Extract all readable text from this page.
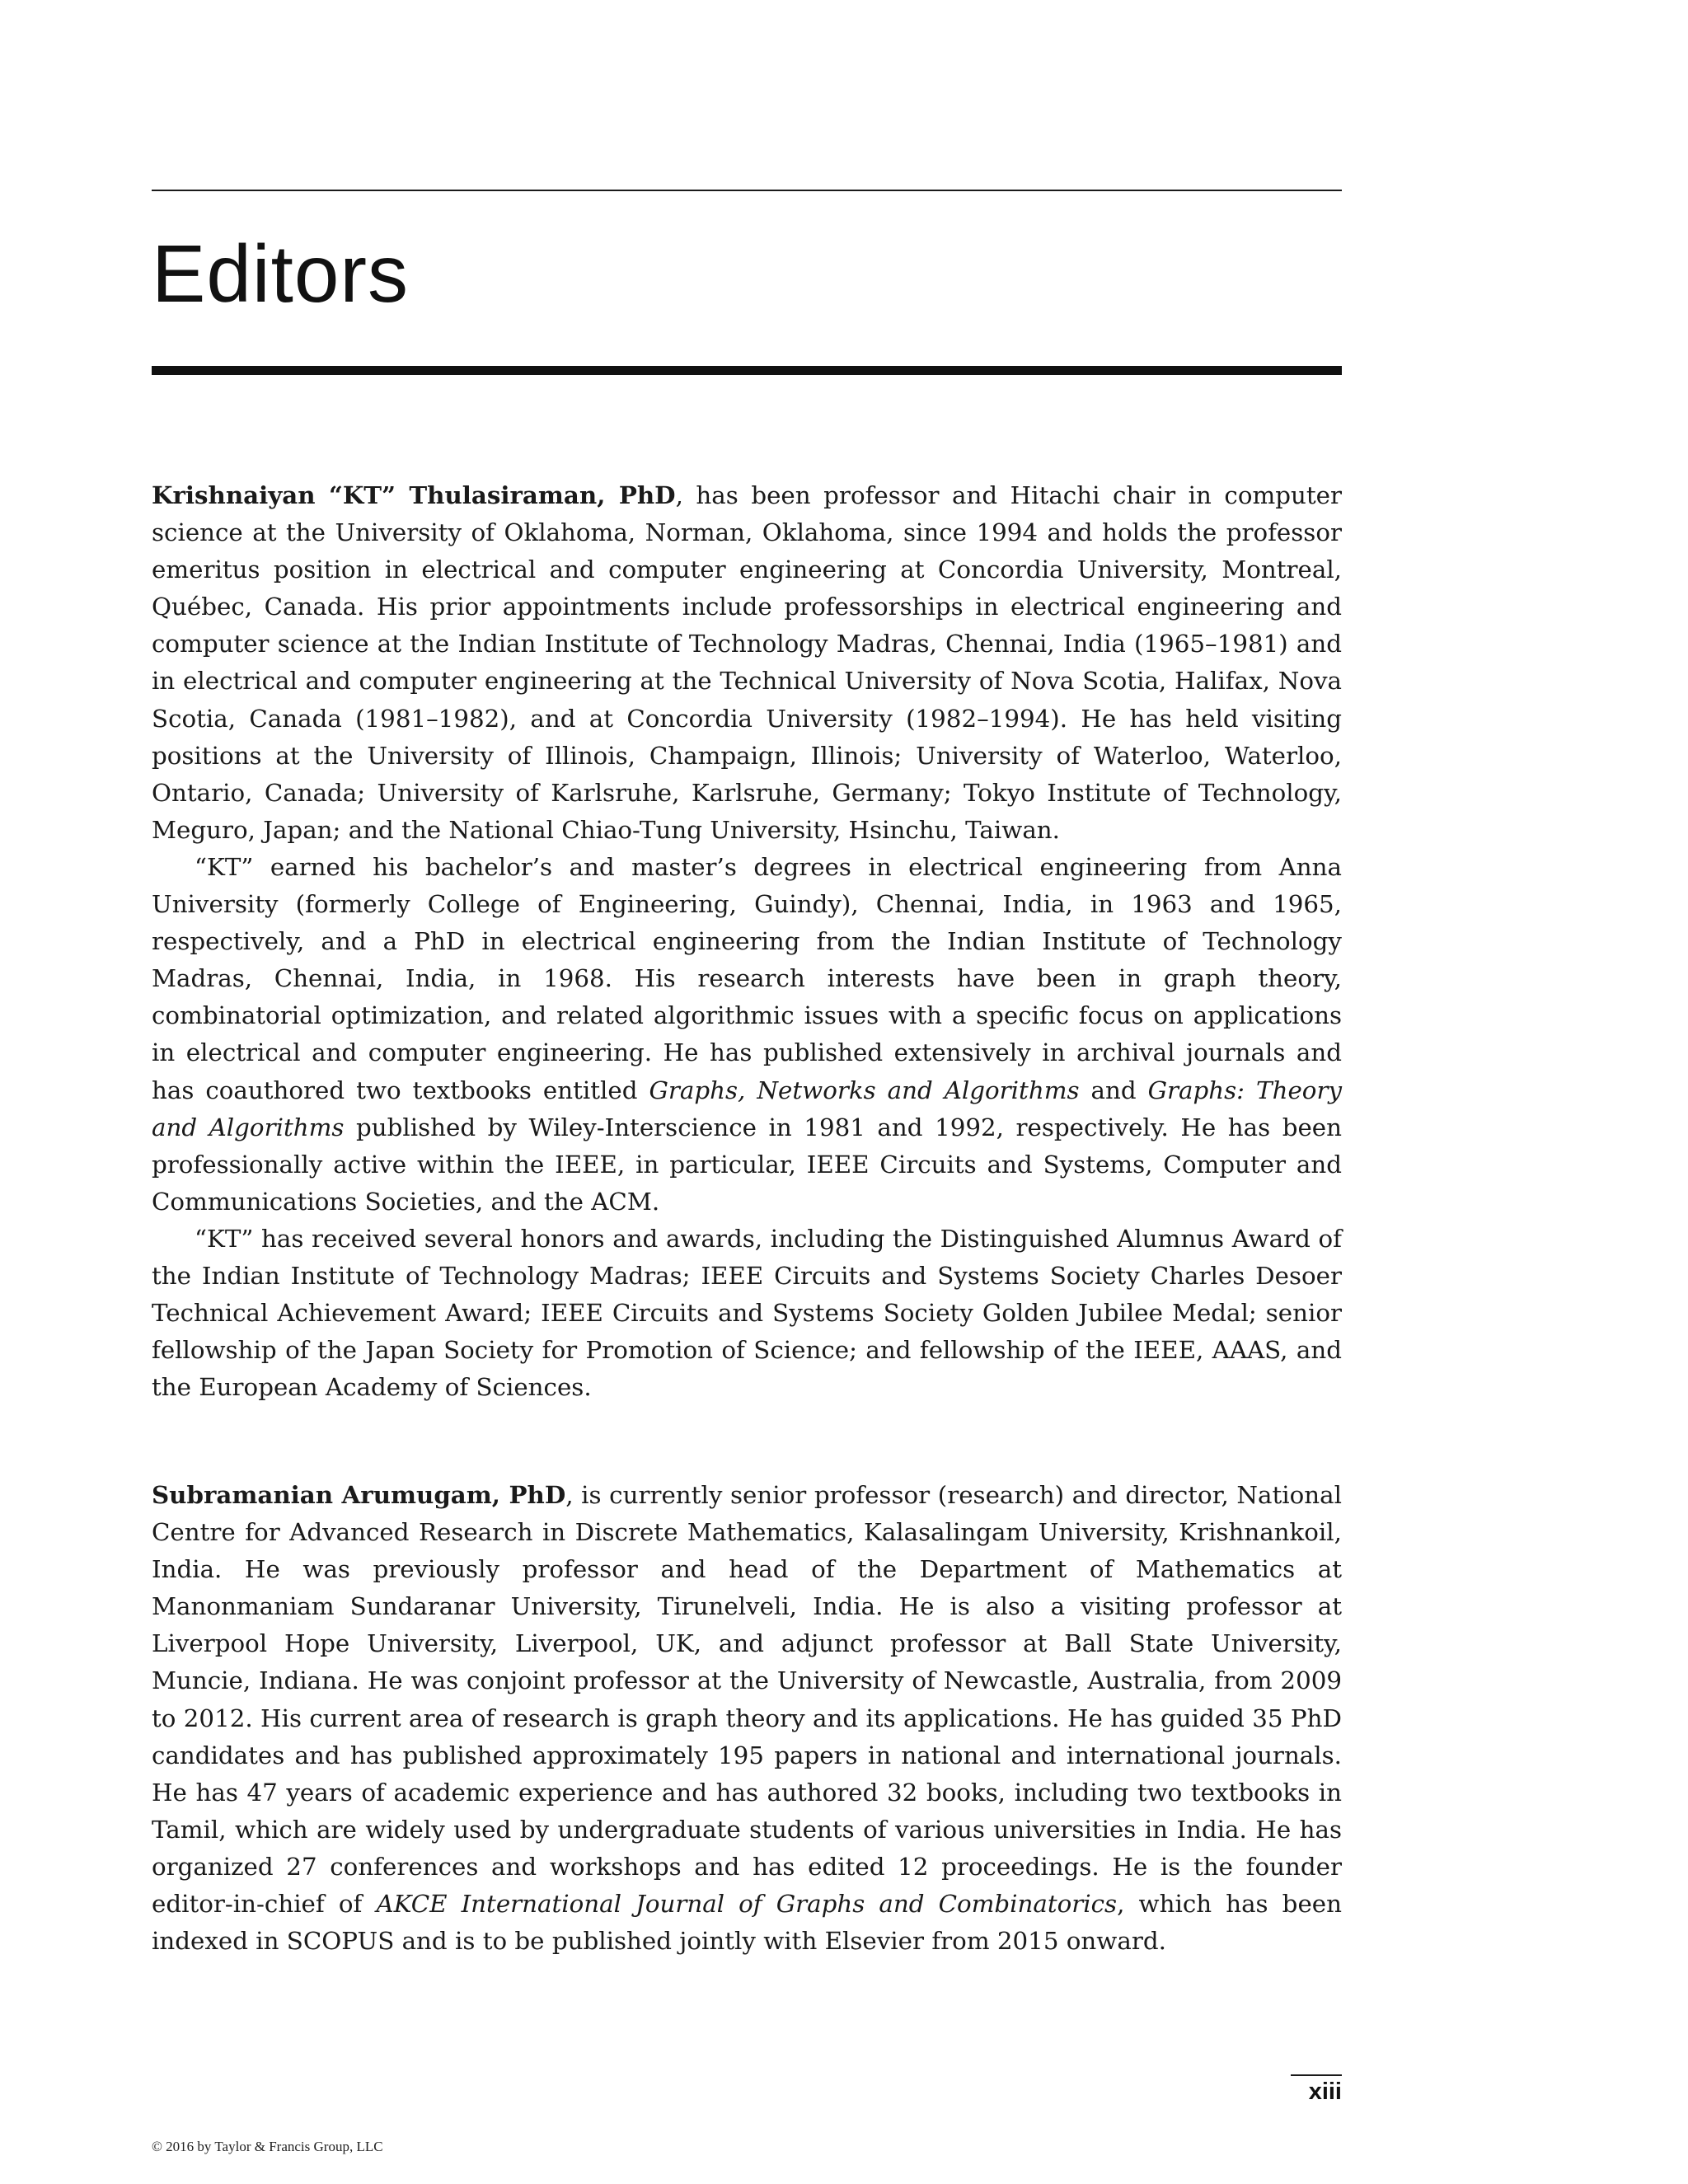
Editors

Krishnaiyan “KT” Thulasiraman, PhD, has been professor and Hitachi chair in computer science at the University of Oklahoma, Norman, Oklahoma, since 1994 and holds the professor emeritus position in electrical and computer engineering at Concordia University, Montreal, Québec, Canada. His prior appointments include professorships in electrical engineering and computer science at the Indian Institute of Technology Madras, Chennai, India (1965–1981) and in electrical and computer engineering at the Technical University of Nova Scotia, Halifax, Nova Scotia, Canada (1981–1982), and at Concordia University (1982–1994). He has held visiting positions at the University of Illinois, Champaign, Illinois; University of Waterloo, Waterloo, Ontario, Canada; University of Karlsruhe, Karlsruhe, Germany; Tokyo Institute of Technology, Meguro, Japan; and the National Chiao-Tung University, Hsinchu, Taiwan.

“KT” earned his bachelor’s and master’s degrees in electrical engineering from Anna University (formerly College of Engineering, Guindy), Chennai, India, in 1963 and 1965, respectively, and a PhD in electrical engineering from the Indian Institute of Technology Madras, Chennai, India, in 1968. His research interests have been in graph theory, combinatorial optimization, and related algorithmic issues with a specific focus on applications in electrical and computer engineering. He has published extensively in archival journals and has coauthored two textbooks entitled Graphs, Networks and Algorithms and Graphs: Theory and Algorithms published by Wiley-Interscience in 1981 and 1992, respectively. He has been professionally active within the IEEE, in particular, IEEE Circuits and Systems, Computer and Communications Societies, and the ACM.

“KT” has received several honors and awards, including the Distinguished Alumnus Award of the Indian Institute of Technology Madras; IEEE Circuits and Systems Society Charles Desoer Technical Achievement Award; IEEE Circuits and Systems Society Golden Jubilee Medal; senior fellowship of the Japan Society for Promotion of Science; and fellowship of the IEEE, AAAS, and the European Academy of Sciences.

Subramanian Arumugam, PhD, is currently senior professor (research) and director, National Centre for Advanced Research in Discrete Mathematics, Kalasalingam University, Krishnankoil, India. He was previously professor and head of the Department of Mathematics at Manonmaniam Sundaranar University, Tirunelveli, India. He is also a visiting professor at Liverpool Hope University, Liverpool, UK, and adjunct professor at Ball State University, Muncie, Indiana. He was conjoint professor at the University of Newcastle, Australia, from 2009 to 2012. His current area of research is graph theory and its applications. He has guided 35 PhD candidates and has published approximately 195 papers in national and international journals. He has 47 years of academic experience and has authored 32 books, including two textbooks in Tamil, which are widely used by undergraduate students of various universities in India. He has organized 27 conferences and workshops and has edited 12 proceedings. He is the founder editor-in-chief of AKCE International Journal of Graphs and Combinatorics, which has been indexed in SCOPUS and is to be published jointly with Elsevier from 2015 onward.

xiii
© 2016 by Taylor & Francis Group, LLC
